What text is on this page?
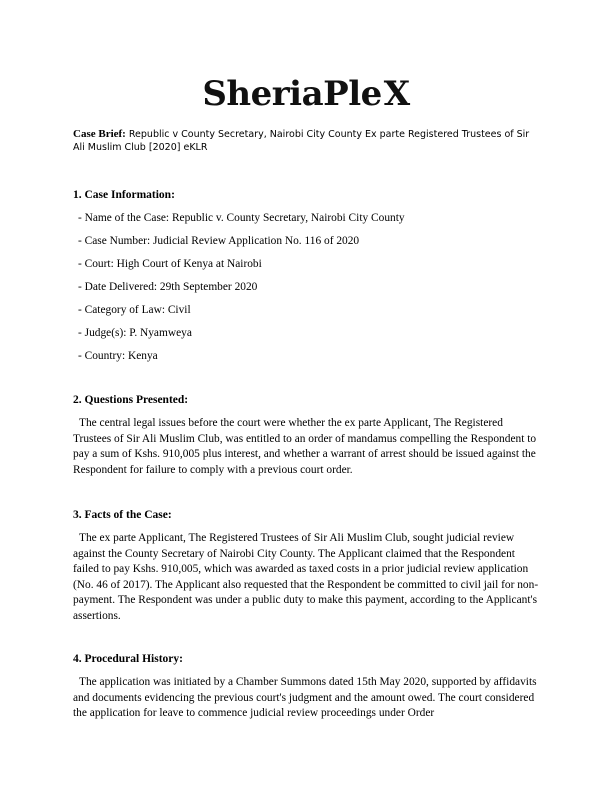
SheriaPleX
Case Brief: Republic v County Secretary, Nairobi City County Ex parte Registered Trustees of Sir Ali Muslim Club [2020] eKLR

1. Case Information:

- Name of the Case: Republic v. County Secretary, Nairobi City County
- Case Number: Judicial Review Application No. 116 of 2020
- Court: High Court of Kenya at Nairobi
- Date Delivered: 29th September 2020
- Category of Law: Civil
- Judge(s): P. Nyamweya
- Country: Kenya

2. Questions Presented:

The central legal issues before the court were whether the ex parte Applicant, The Registered Trustees of Sir Ali Muslim Club, was entitled to an order of mandamus compelling the Respondent to pay a sum of Kshs. 910,005 plus interest, and whether a warrant of arrest should be issued against the Respondent for failure to comply with a previous court order.

3. Facts of the Case:

The ex parte Applicant, The Registered Trustees of Sir Ali Muslim Club, sought judicial review against the County Secretary of Nairobi City County. The Applicant claimed that the Respondent failed to pay Kshs. 910,005, which was awarded as taxed costs in a prior judicial review application (No. 46 of 2017). The Applicant also requested that the Respondent be committed to civil jail for non-payment. The Respondent was under a public duty to make this payment, according to the Applicant's assertions.

4. Procedural History:

The application was initiated by a Chamber Summons dated 15th May 2020, supported by affidavits and documents evidencing the previous court's judgment and the amount owed. The court considered the application for leave to commence judicial review proceedings under Order
